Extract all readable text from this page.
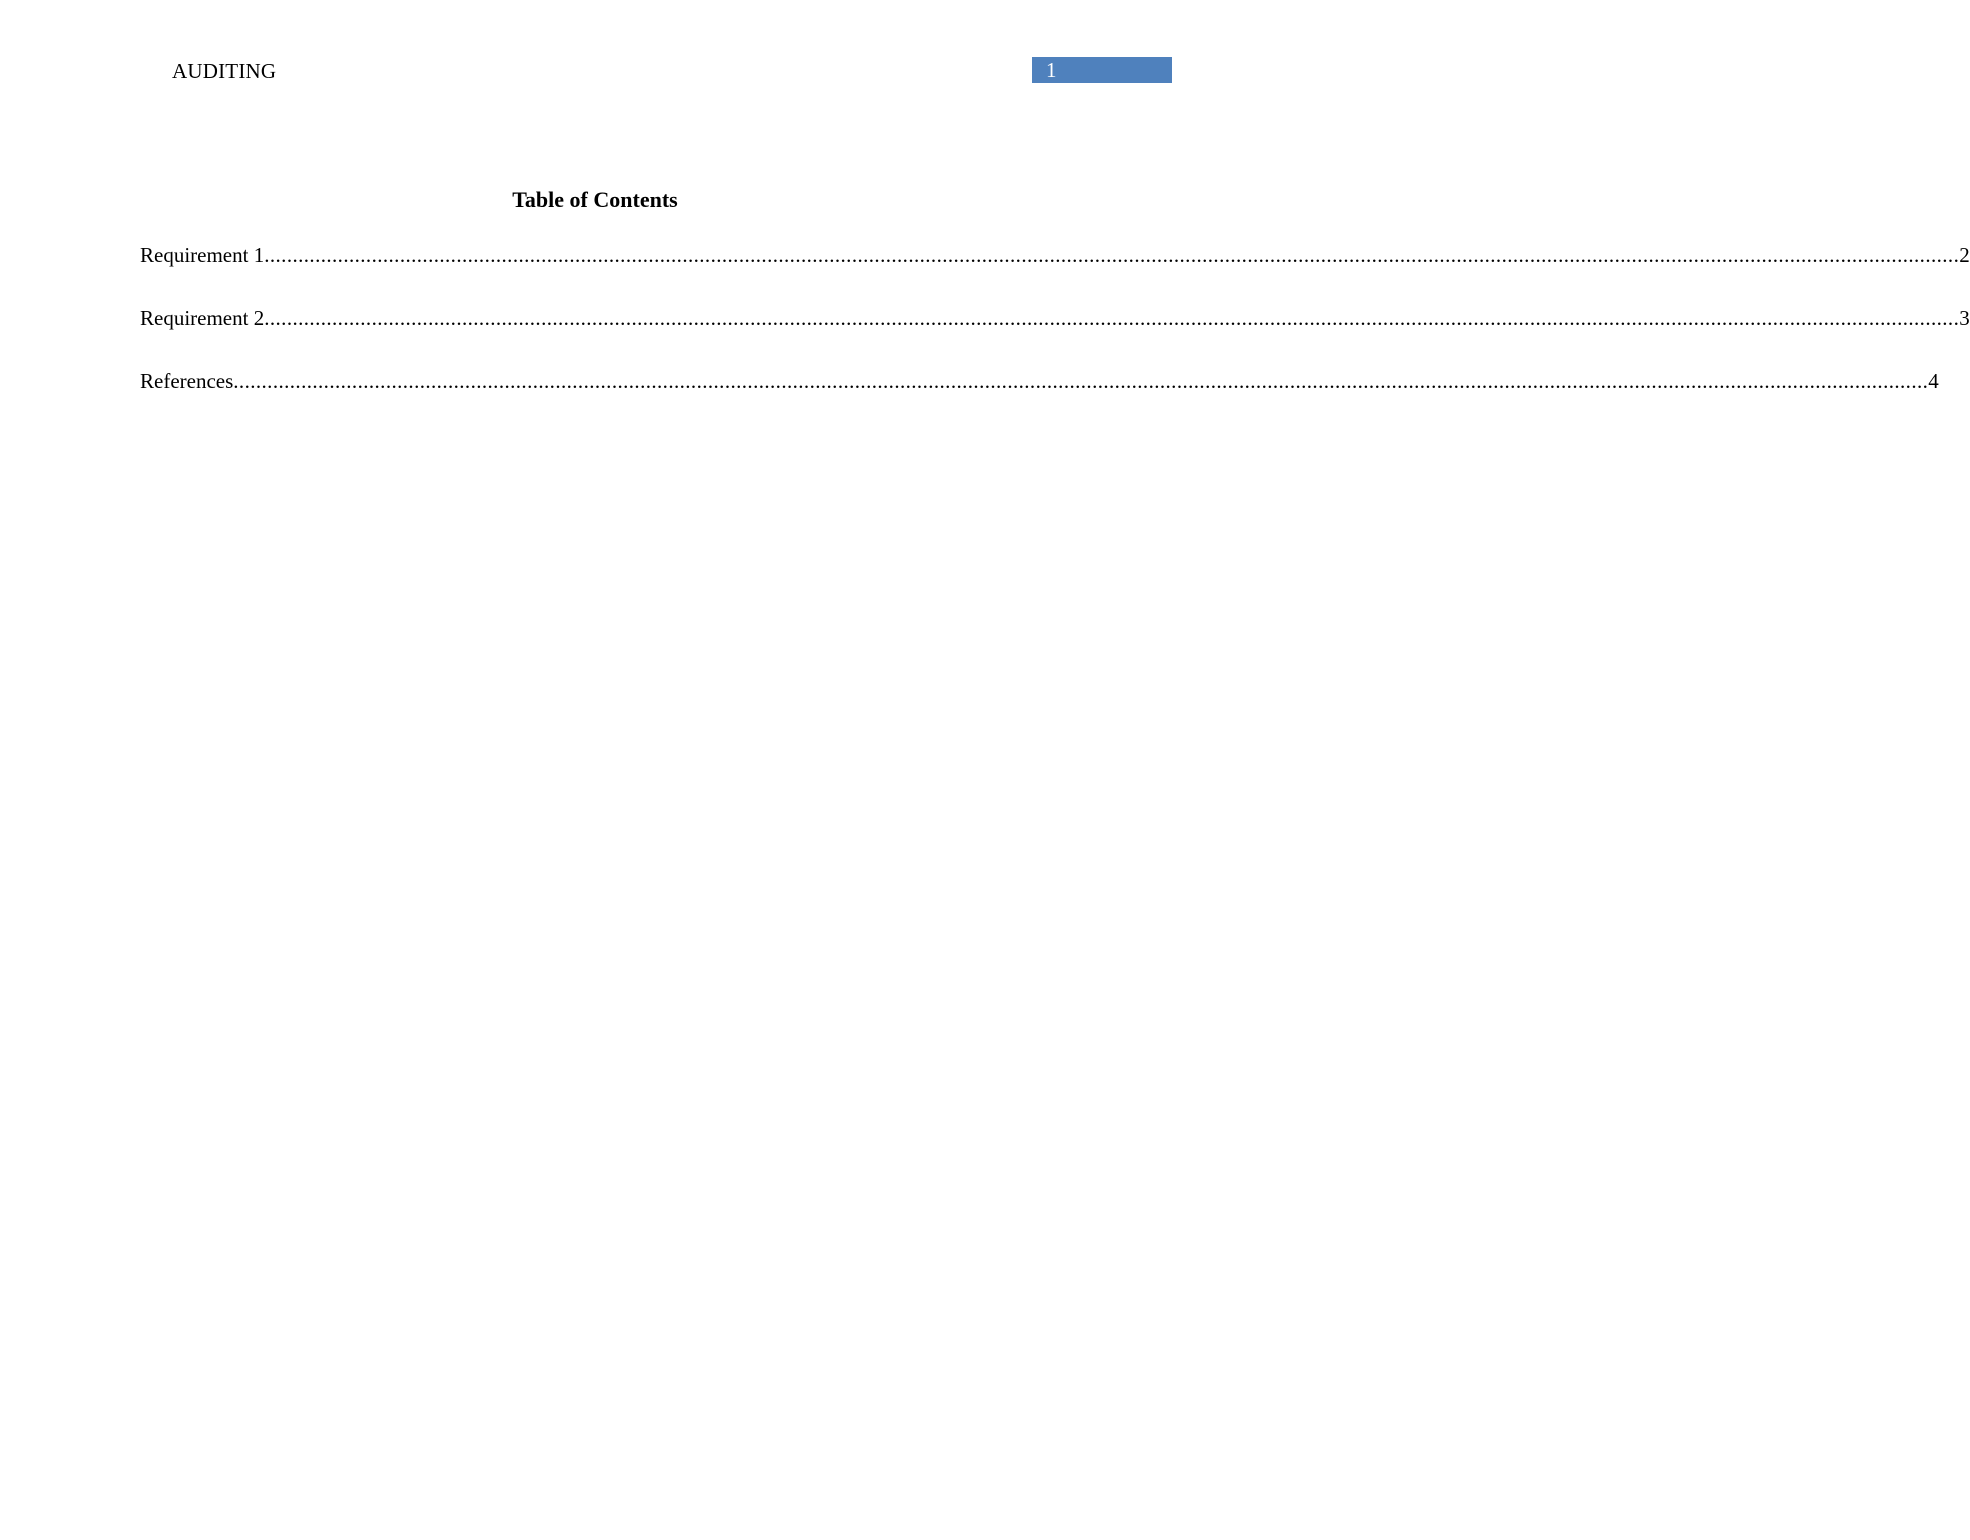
AUDITING	1
Table of Contents
Requirement 1 ............................................................................................................................................................................................................................................................................................................ 2
Requirement 2 ............................................................................................................................................................................................................................................................................................................ 3
References ............................................................................................................................................................................................................................................................................................................ 4
